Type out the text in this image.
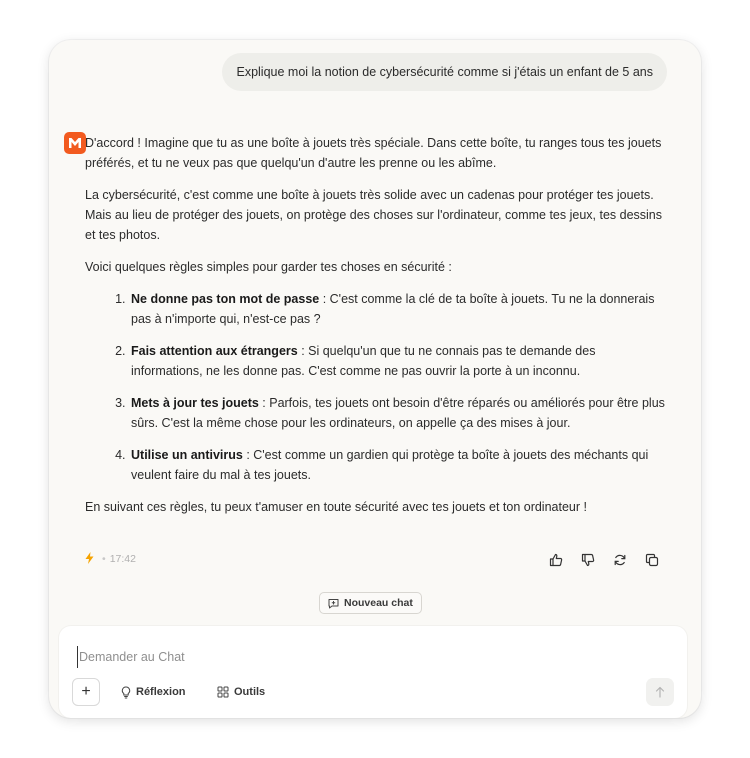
Explique moi la notion de cybersécurité comme si j'étais un enfant de 5 ans

D'accord ! Imagine que tu as une boîte à jouets très spéciale. Dans cette boîte, tu ranges tous tes jouets préférés, et tu ne veux pas que quelqu'un d'autre les prenne ou les abîme.

La cybersécurité, c'est comme une boîte à jouets très solide avec un cadenas pour protéger tes jouets. Mais au lieu de protéger des jouets, on protège des choses sur l'ordinateur, comme tes jeux, tes dessins et tes photos.

Voici quelques règles simples pour garder tes choses en sécurité :

1. Ne donne pas ton mot de passe : C'est comme la clé de ta boîte à jouets. Tu ne la donnerais pas à n'importe qui, n'est-ce pas ?
2. Fais attention aux étrangers : Si quelqu'un que tu ne connais pas te demande des informations, ne les donne pas. C'est comme ne pas ouvrir la porte à un inconnu.
3. Mets à jour tes jouets : Parfois, tes jouets ont besoin d'être réparés ou améliorés pour être plus sûrs. C'est la même chose pour les ordinateurs, on appelle ça des mises à jour.
4. Utilise un antivirus : C'est comme un gardien qui protège ta boîte à jouets des méchants qui veulent faire du mal à tes jouets.

En suivant ces règles, tu peux t'amuser en toute sécurité avec tes jouets et ton ordinateur !

• 17:42
Nouveau chat
Demander au Chat
+	Réflexion	Outils
